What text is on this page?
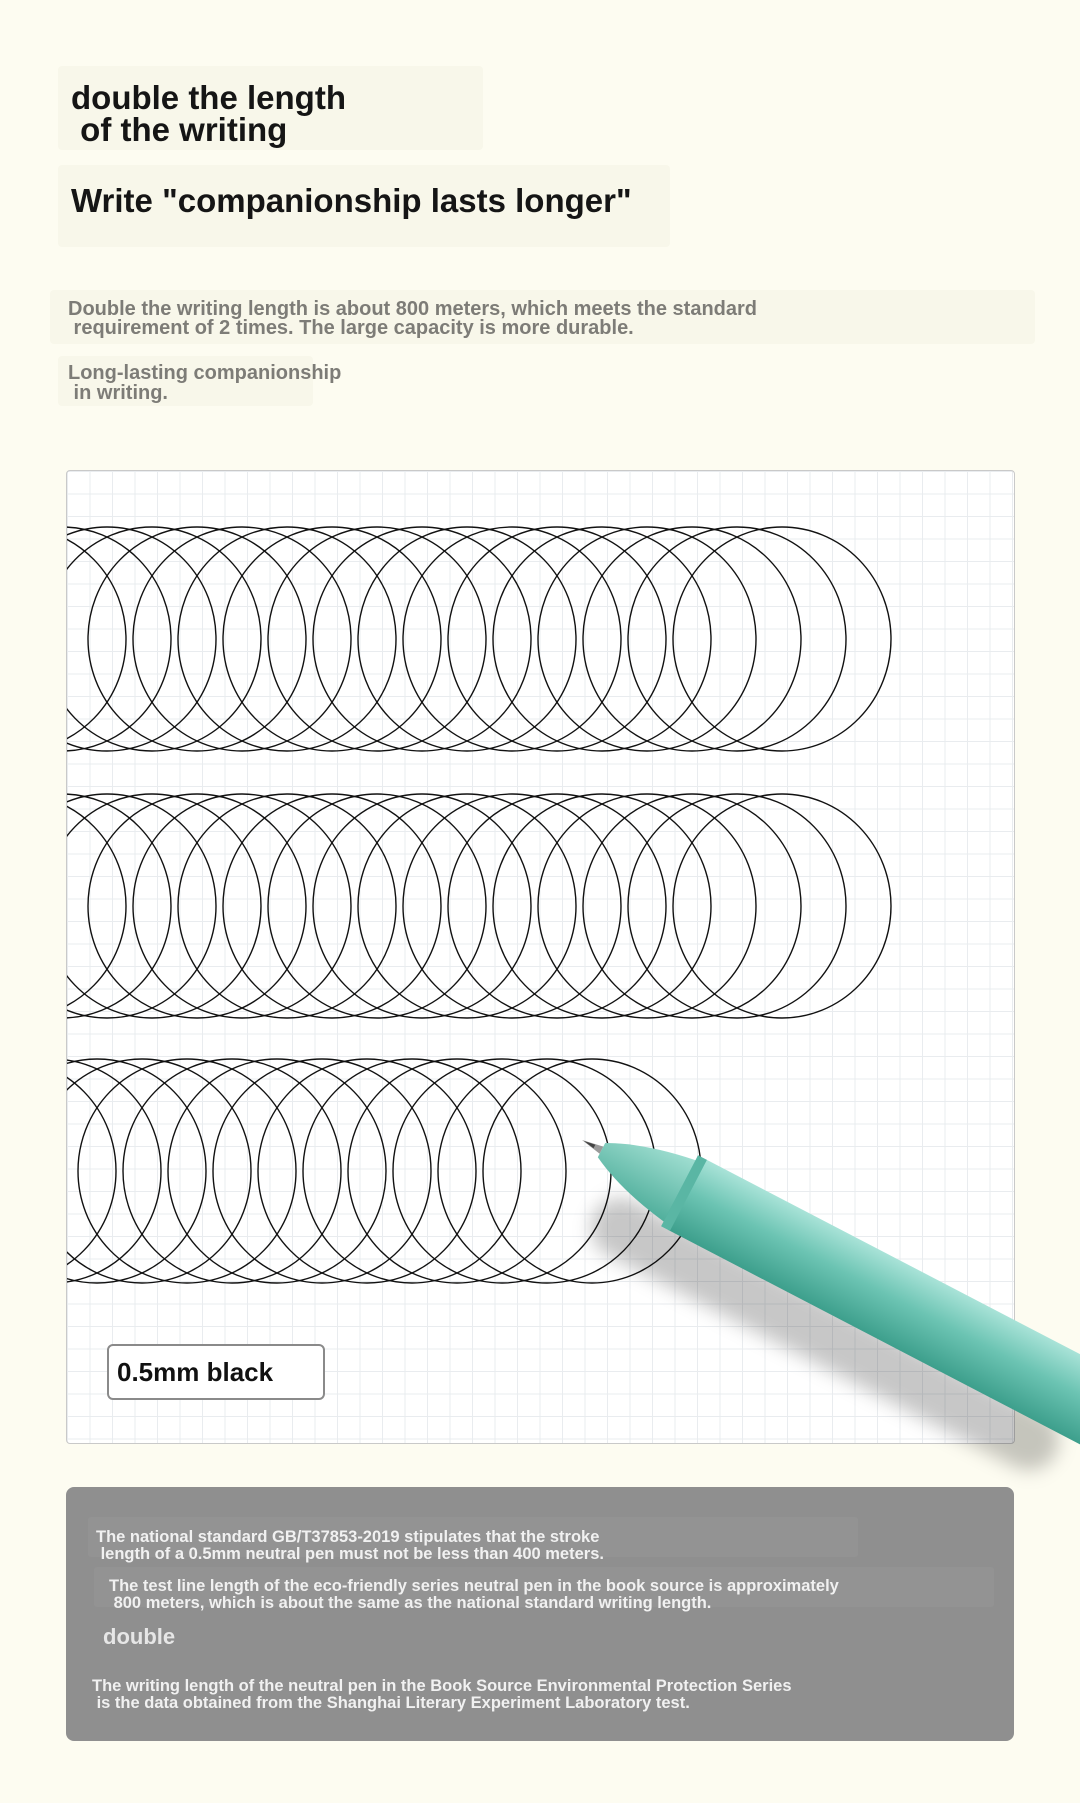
double the length
of the writing
Write "companionship lasts longer"
Double the writing length is about 800 meters, which meets the standard
requirement of 2 times. The large capacity is more durable.
Long-lasting companionship
in writing.
0.5mm black
The national standard GB/T37853-2019 stipulates that the stroke
length of a 0.5mm neutral pen must not be less than 400 meters.
The test line length of the eco-friendly series neutral pen in the book source is approximately
800 meters, which is about the same as the national standard writing length.
double
The writing length of the neutral pen in the Book Source Environmental Protection Series
is the data obtained from the Shanghai Literary Experiment Laboratory test.
